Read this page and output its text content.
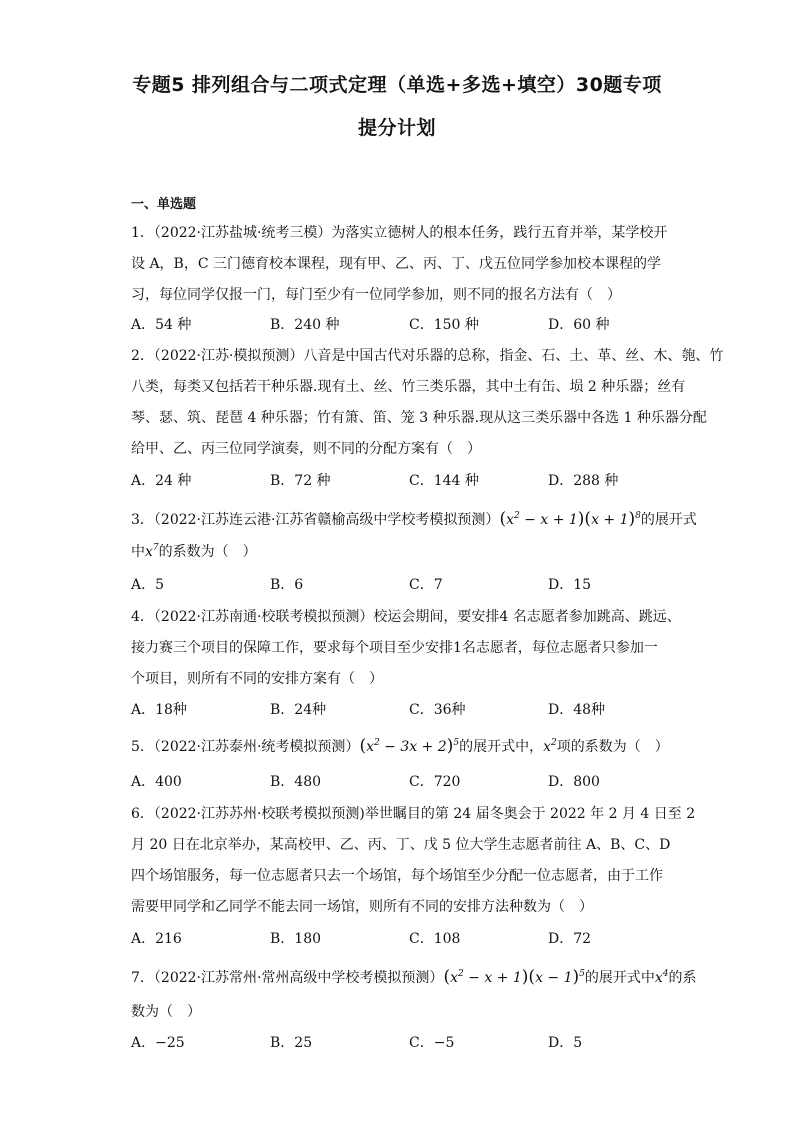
专题5 排列组合与二项式定理（单选+多选+填空）30题专项
提分计划
一、单选题
1．（2022·江苏盐城·统考三模）为落实立德树人的根本任务，践行五育并举，某学校开
设 A，B，C 三门德育校本课程，现有甲、乙、丙、丁、戊五位同学参加校本课程的学
习，每位同学仅报一门，每门至少有一位同学参加，则不同的报名方法有（　）
A．54 种	B．240 种	C．150 种	D．60 种
2．（2022·江苏·模拟预测）八音是中国古代对乐器的总称，指金、石、土、革、丝、木、匏、竹
八类，每类又包括若干种乐器.现有土、丝、竹三类乐器，其中土有缶、埙 2 种乐器；丝有
琴、瑟、筑、琵琶 4 种乐器；竹有箫、笛、笼 3 种乐器.现从这三类乐器中各选 1 种乐器分配
给甲、乙、丙三位同学演奏，则不同的分配方案有（　）
A．24 种	B．72 种	C．144 种	D．288 种
3．（2022·江苏连云港·江苏省赣榆高级中学校考模拟预测）$(x^2 - x + 1)(x + 1)^8$的展开式
中$x^7$的系数为（　）
A．5	B．6	C．7	D．15
4．（2022·江苏南通·校联考模拟预测）校运会期间，要安排4 名志愿者参加跳高、跳远、
接力赛三个项目的保障工作，要求每个项目至少安排1名志愿者，每位志愿者只参加一
个项目，则所有不同的安排方案有（　）
A．18种	B．24种	C．36种	D．48种
5．（2022·江苏泰州·统考模拟预测）$(x^2 - 3x + 2)^5$的展开式中，$x^2$项的系数为（　）
A．400	B．480	C．720	D．800
6．（2022·江苏苏州·校联考模拟预测)举世瞩目的第 24 届冬奥会于 2022 年 2 月 4 日至 2
月 20 日在北京举办，某高校甲、乙、丙、丁、戊 5 位大学生志愿者前往 A、B、C、D
四个场馆服务，每一位志愿者只去一个场馆，每个场馆至少分配一位志愿者，由于工作
需要甲同学和乙同学不能去同一场馆，则所有不同的安排方法种数为（　）
A．216	B．180	C．108	D．72
7．（2022·江苏常州·常州高级中学校考模拟预测）$(x^2 - x + 1)(x - 1)^5$的展开式中$x^4$的系
数为（　）
A．−25	B．25	C．−5	D．5
